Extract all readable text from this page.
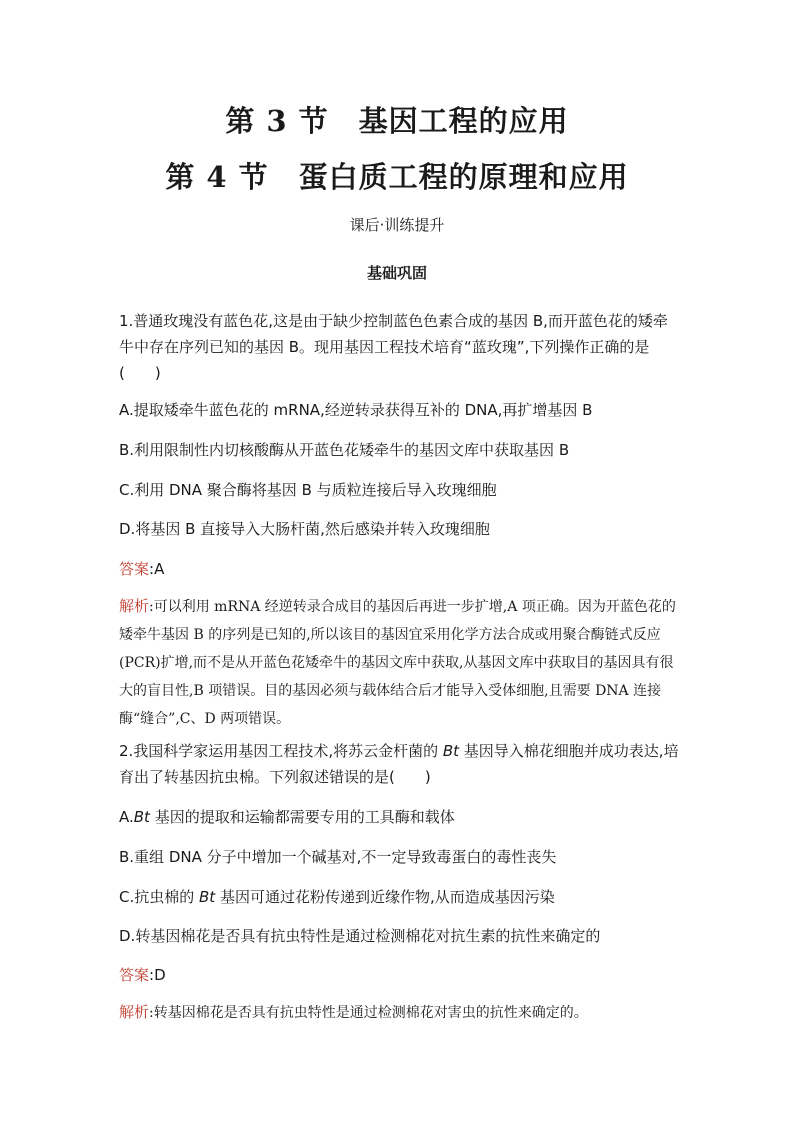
第 3 节　基因工程的应用
第 4 节　蛋白质工程的原理和应用
课后·训练提升
基础巩固

1.普通玫瑰没有蓝色花,这是由于缺少控制蓝色色素合成的基因 B,而开蓝色花的矮牵牛中存在序列已知的基因 B。现用基因工程技术培育“蓝玫瑰”,下列操作正确的是(　　)

A.提取矮牵牛蓝色花的 mRNA,经逆转录获得互补的 DNA,再扩增基因 B

B.利用限制性内切核酸酶从开蓝色花矮牵牛的基因文库中获取基因 B

C.利用 DNA 聚合酶将基因 B 与质粒连接后导入玫瑰细胞

D.将基因 B 直接导入大肠杆菌,然后感染并转入玫瑰细胞

答案:A

解析:可以利用 mRNA 经逆转录合成目的基因后再进一步扩增,A 项正确。因为开蓝色花的矮牵牛基因 B 的序列是已知的,所以该目的基因宜采用化学方法合成或用聚合酶链式反应(PCR)扩增,而不是从开蓝色花矮牵牛的基因文库中获取,从基因文库中获取目的基因具有很大的盲目性,B 项错误。目的基因必须与载体结合后才能导入受体细胞,且需要 DNA 连接酶“缝合”,C、D 两项错误。

2.我国科学家运用基因工程技术,将苏云金杆菌的 Bt 基因导入棉花细胞并成功表达,培育出了转基因抗虫棉。下列叙述错误的是(　　)

A.Bt 基因的提取和运输都需要专用的工具酶和载体

B.重组 DNA 分子中增加一个碱基对,不一定导致毒蛋白的毒性丧失

C.抗虫棉的 Bt 基因可通过花粉传递到近缘作物,从而造成基因污染

D.转基因棉花是否具有抗虫特性是通过检测棉花对抗生素的抗性来确定的

答案:D

解析:转基因棉花是否具有抗虫特性是通过检测棉花对害虫的抗性来确定的。
